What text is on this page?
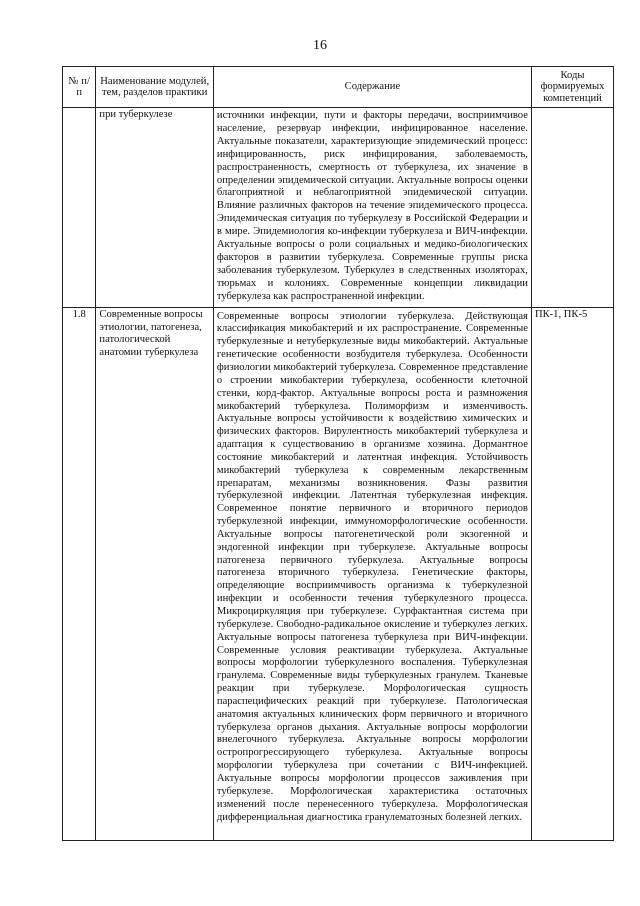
16
№ п/п	Наименование модулей, тем, разделов практики	Содержание	Коды формируемых компетенций
	при туберкулезе	источники инфекции, пути и факторы передачи, восприимчивое население, резервуар инфекции, инфицированное население. Актуальные показатели, характеризующие эпидемический процесс: инфицированность, риск инфицирования, заболеваемость, распространенность, смертность от туберкулеза, их значение в определении эпидемической ситуации. Актуальные вопросы оценки благоприятной и неблагоприятной эпидемической ситуации. Влияние различных факторов на течение эпидемического процесса. Эпидемическая ситуация по туберкулезу в Российской Федерации и в мире. Эпидемиология ко-инфекции туберкулеза и ВИЧ-инфекции. Актуальные вопросы о роли социальных и медико-биологических факторов в развитии туберкулеза. Современные группы риска заболевания туберкулезом. Туберкулез в следственных изоляторах, тюрьмах и колониях. Современные концепции ликвидации туберкулеза как распространенной инфекции.	

1.8	Современные вопросы этиологии, патогенеза, патологической анатомии туберкулеза	Современные вопросы этиологии туберкулеза. Действующая классификация микобактерий и их распространение. Современные туберкулезные и нетуберкулезные виды микобактерий. Актуальные генетические особенности возбудителя туберкулеза. Особенности физиологии микобактерий туберкулеза. Современное представление о строении микобактерии туберкулеза, особенности клеточной стенки, корд-фактор. Актуальные вопросы роста и размножения микобактерий туберкулеза. Полиморфизм и изменчивость. Актуальные вопросы устойчивости к воздействию химических и физических факторов. Вирулентность микобактерий туберкулеза и адаптация к существованию в организме хозяина. Дормантное состояние микобактерий и латентная инфекция. Устойчивость микобактерий туберкулеза к современным лекарственным препаратам, механизмы возникновения. Фазы развития туберкулезной инфекции. Латентная туберкулезная инфекция. Современное понятие первичного и вторичного периодов туберкулезной инфекции, иммуноморфологические особенности. Актуальные вопросы патогенетической роли экзогенной и эндогенной инфекции при туберкулезе. Актуальные вопросы патогенеза первичного туберкулеза. Актуальные вопросы патогенеза вторичного туберкулеза. Генетические факторы, определяющие восприимчивость организма к туберкулезной инфекции и особенности течения туберкулезного процесса. Микроциркуляция при туберкулезе. Сурфактантная система при туберкулезе. Свободно-радикальное окисление и туберкулез легких. Актуальные вопросы патогенеза туберкулеза при ВИЧ-инфекции. Современные условия реактивации туберкулеза. Актуальные вопросы морфологии туберкулезного воспаления. Туберкулезная гранулема. Современные виды туберкулезных гранулем. Тканевые реакции при туберкулезе. Морфологическая сущность параспецифических реакций при туберкулезе. Патологическая анатомия актуальных клинических форм первичного и вторичного туберкулеза органов дыхания. Актуальные вопросы морфологии внелегочного туберкулеза. Актуальные вопросы морфологии остропрогрессирующего туберкулеза. Актуальные вопросы морфологии туберкулеза при сочетании с ВИЧ-инфекцией. Актуальные вопросы морфологии процессов заживления при туберкулезе. Морфологическая характеристика остаточных изменений после перенесенного туберкулеза. Морфологическая дифференциальная диагностика гранулематозных болезней легких.	ПК-1, ПК-5
